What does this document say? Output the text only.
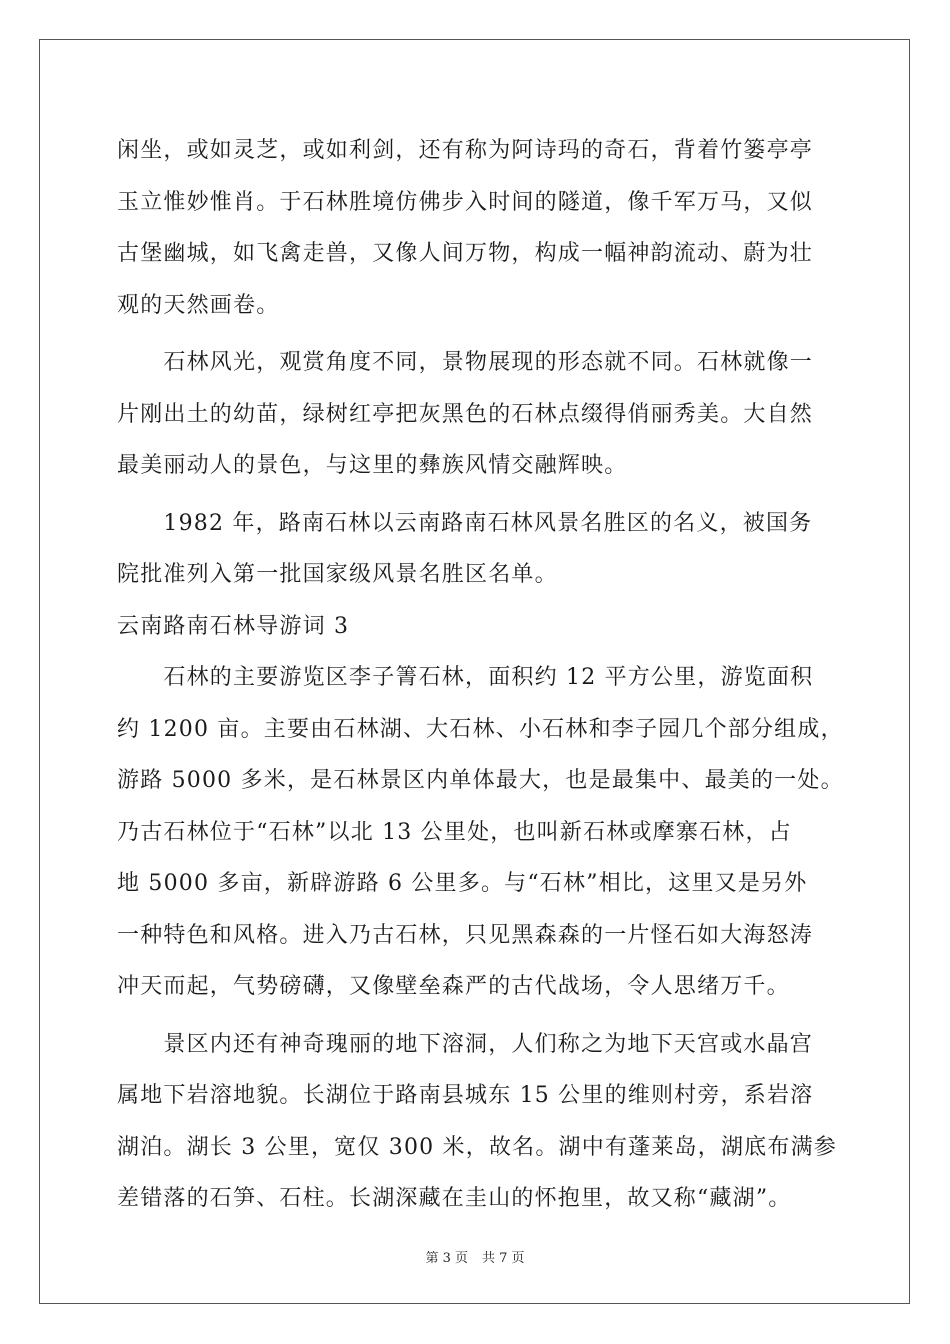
闲坐，或如灵芝，或如利剑，还有称为阿诗玛的奇石，背着竹篓亭亭
玉立惟妙惟肖。于石林胜境仿佛步入时间的隧道，像千军万马，又似
古堡幽城，如飞禽走兽，又像人间万物，构成一幅神韵流动、蔚为壮
观的天然画卷。
　　石林风光，观赏角度不同，景物展现的形态就不同。石林就像一
片刚出土的幼苗，绿树红亭把灰黑色的石林点缀得俏丽秀美。大自然
最美丽动人的景色，与这里的彝族风情交融辉映。
　　1982 年，路南石林以云南路南石林风景名胜区的名义，被国务
院批准列入第一批国家级风景名胜区名单。
云南路南石林导游词 3
　　石林的主要游览区李子箐石林，面积约 12 平方公里，游览面积
约 1200 亩。主要由石林湖、大石林、小石林和李子园几个部分组成，
游路 5000 多米，是石林景区内单体最大，也是最集中、最美的一处。
乃古石林位于“石林”以北 13 公里处，也叫新石林或摩寨石林，占
地 5000 多亩，新辟游路 6 公里多。与“石林”相比，这里又是另外
一种特色和风格。进入乃古石林，只见黑森森的一片怪石如大海怒涛
冲天而起，气势磅礴，又像壁垒森严的古代战场，令人思绪万千。
　　景区内还有神奇瑰丽的地下溶洞，人们称之为地下天宫或水晶宫
属地下岩溶地貌。长湖位于路南县城东 15 公里的维则村旁，系岩溶
湖泊。湖长 3 公里，宽仅 300 米，故名。湖中有蓬莱岛，湖底布满参
差错落的石笋、石柱。长湖深藏在圭山的怀抱里，故又称“藏湖”。
第 3 页 共 7 页
